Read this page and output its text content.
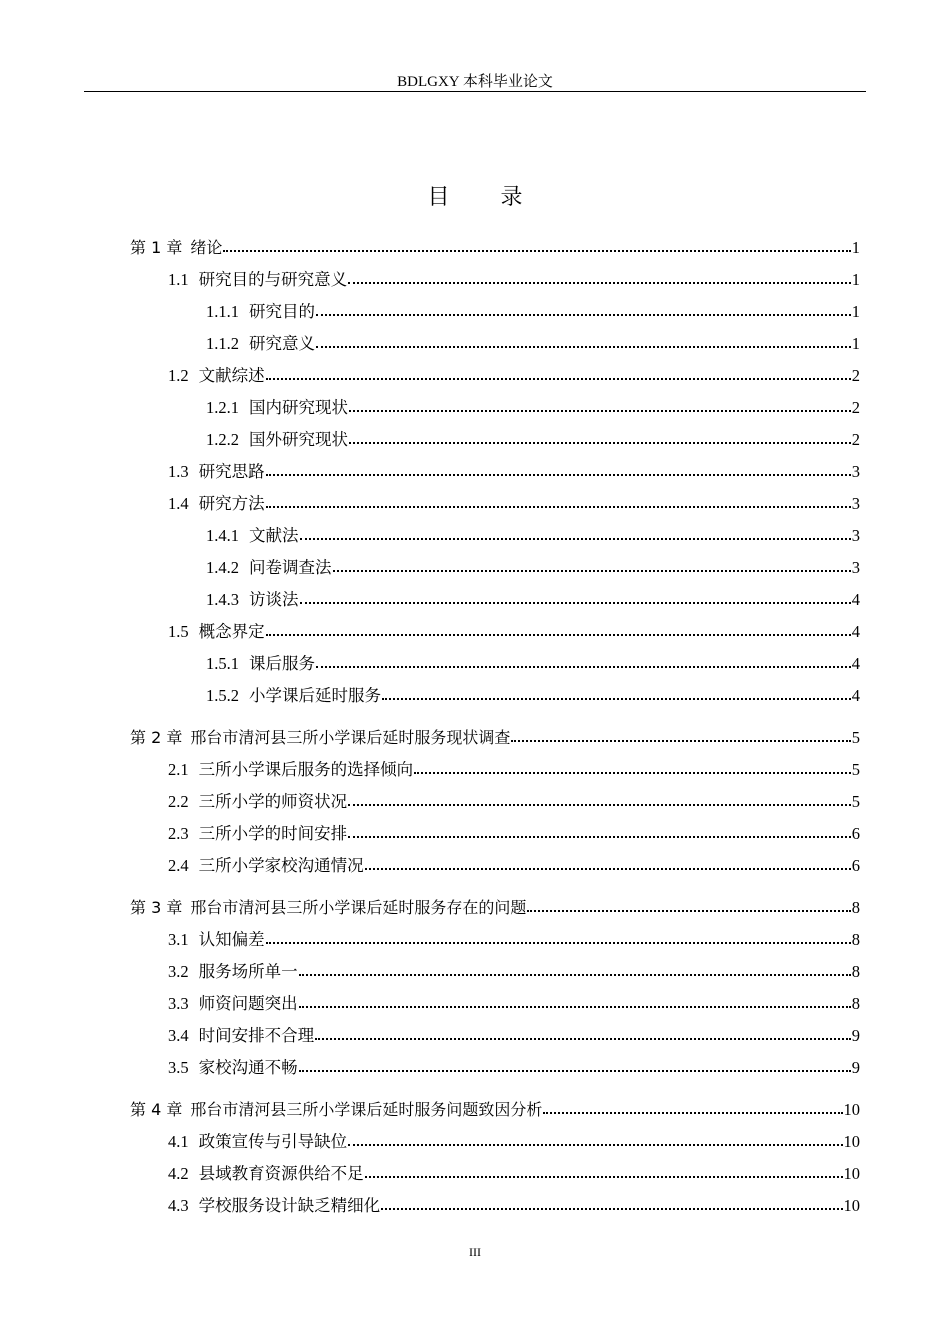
BDLGXY 本科毕业论文
目 录
第 1 章 绪论	1
1.1 研究目的与研究意义	1
1.1.1 研究目的	1
1.1.2 研究意义	1
1.2 文献综述	2
1.2.1 国内研究现状	2
1.2.2 国外研究现状	2
1.3 研究思路	3
1.4 研究方法	3
1.4.1 文献法	3
1.4.2 问卷调查法	3
1.4.3 访谈法	4
1.5 概念界定	4
1.5.1 课后服务	4
1.5.2 小学课后延时服务	4
第 2 章 邢台市清河县三所小学课后延时服务现状调查	5
2.1 三所小学课后服务的选择倾向	5
2.2 三所小学的师资状况	5
2.3 三所小学的时间安排	6
2.4 三所小学家校沟通情况	6
第 3 章 邢台市清河县三所小学课后延时服务存在的问题	8
3.1 认知偏差	8
3.2 服务场所单一	8
3.3 师资问题突出	8
3.4 时间安排不合理	9
3.5 家校沟通不畅	9
第 4 章 邢台市清河县三所小学课后延时服务问题致因分析	10
4.1 政策宣传与引导缺位	10
4.2 县域教育资源供给不足	10
4.3 学校服务设计缺乏精细化	10
III
